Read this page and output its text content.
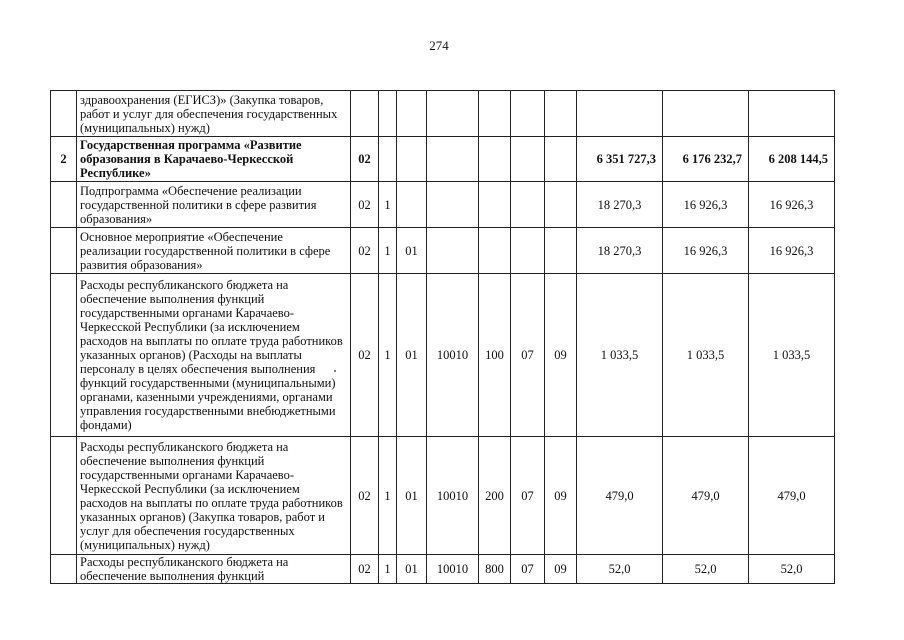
274
	здравоохранения (ЕГИСЗ)» (Закупка товаров, работ и услуг для обеспечения государственных (муниципальных) нужд)										
2	Государственная программа «Развитие образования в Карачаево-Черкесской Республике»	02							6 351 727,3	6 176 232,7	6 208 144,5
	Подпрограмма «Обеспечение реализации государственной политики в сфере развития образования»	02	1						18 270,3	16 926,3	16 926,3
	Основное мероприятие «Обеспечение реализации государственной политики в сфере развития образования»	02	1	01					18 270,3	16 926,3	16 926,3
	Расходы республиканского бюджета на обеспечение выполнения функций государственными органами Карачаево-Черкесской Республики (за исключением расходов на выплаты по оплате труда работников указанных органов) (Расходы на выплаты персоналу в целях обеспечения выполнения функций государственными (муниципальными) органами, казенными учреждениями, органами управления государственными внебюджетными фондами)	02	1	01	10010	100	07	09	1 033,5	1 033,5	1 033,5
	Расходы республиканского бюджета на обеспечение выполнения функций государственными органами Карачаево-Черкесской Республики (за исключением расходов на выплаты по оплате труда работников указанных органов) (Закупка товаров, работ и услуг для обеспечения государственных (муниципальных) нужд)	02	1	01	10010	200	07	09	479,0	479,0	479,0
	Расходы республиканского бюджета на обеспечение выполнения функций	02	1	01	10010	800	07	09	52,0	52,0	52,0
